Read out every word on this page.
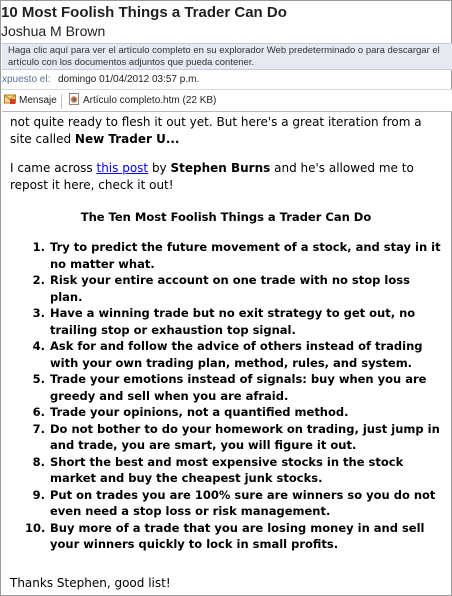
10 Most Foolish Things a Trader Can Do
Joshua M Brown
Haga clic aquí para ver el artículo completo en su explorador Web predeterminado o para descargar el artículo con los documentos adjuntos que pueda contener.
xpuesto el: domingo 01/04/2012 03:57 p.m.
Mensaje	Artículo completo.htm (22 KB)
not quite ready to flesh it out yet. But here's a great iteration from a site called New Trader U...
I came across this post by Stephen Burns and he's allowed me to repost it here, check it out!
The Ten Most Foolish Things a Trader Can Do
1. Try to predict the future movement of a stock, and stay in it no matter what.
2. Risk your entire account on one trade with no stop loss plan.
3. Have a winning trade but no exit strategy to get out, no trailing stop or exhaustion top signal.
4. Ask for and follow the advice of others instead of trading with your own trading plan, method, rules, and system.
5. Trade your emotions instead of signals: buy when you are greedy and sell when you are afraid.
6. Trade your opinions, not a quantified method.
7. Do not bother to do your homework on trading, just jump in and trade, you are smart, you will figure it out.
8. Short the best and most expensive stocks in the stock market and buy the cheapest junk stocks.
9. Put on trades you are 100% sure are winners so you do not even need a stop loss or risk management.
10. Buy more of a trade that you are losing money in and sell your winners quickly to lock in small profits.
Thanks Stephen, good list!
